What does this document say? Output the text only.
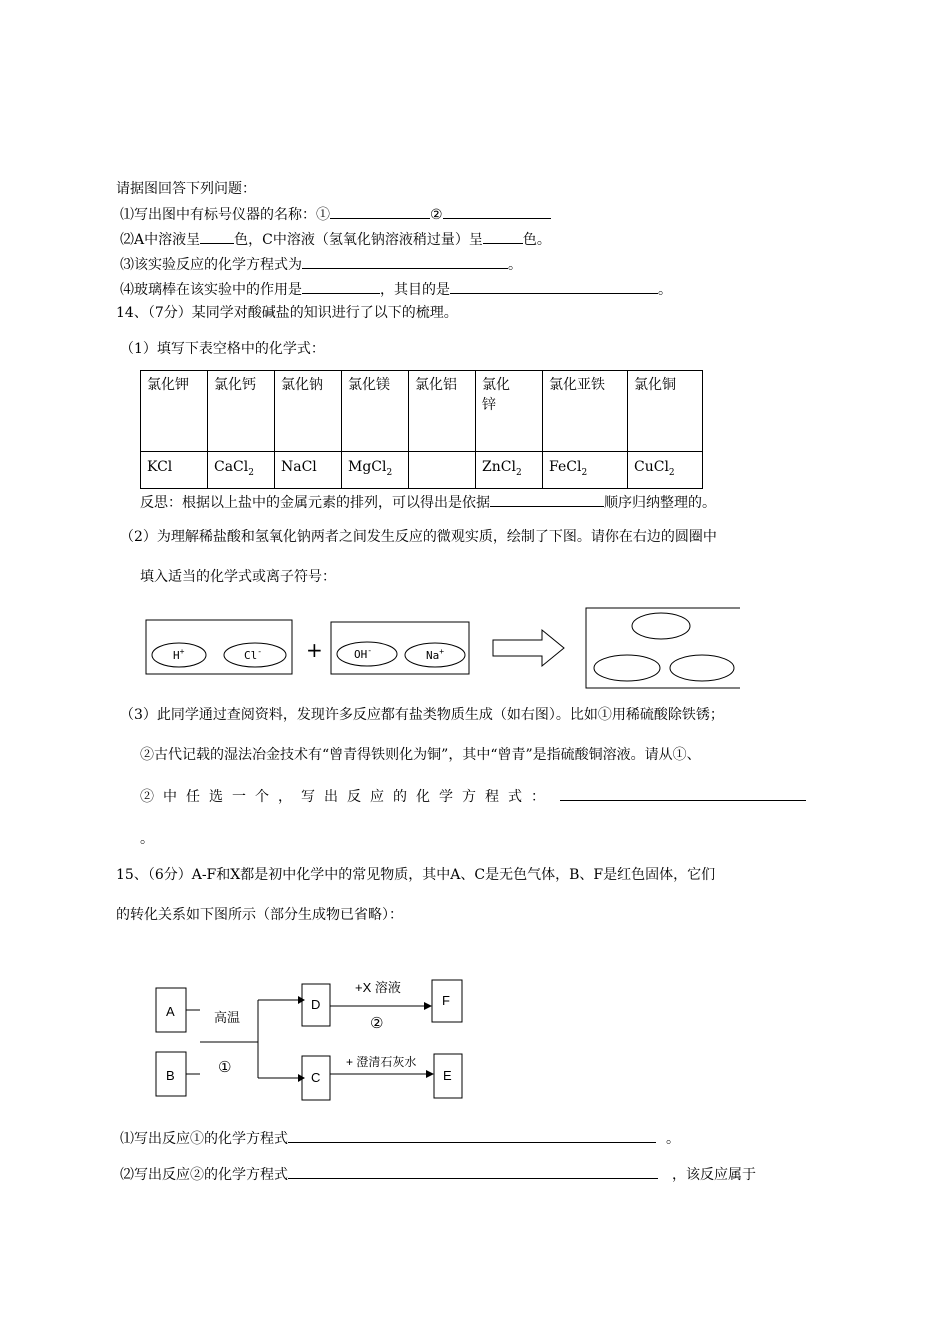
请据图回答下列问题：
⑴写出图中有标号仪器的名称：①	②
⑵A中溶液呈 色，C中溶液（氢氧化钠溶液稍过量）呈	色。
⑶该实验反应的化学方程式为	。
⑷玻璃棒在该实验中的作用是	，其目的是	。
14、（7分）某同学对酸碱盐的知识进行了以下的梳理。
（1）填写下表空格中的化学式：
氯化钾	氯化钙	氯化钠	氯化镁	氯化铝	氯化锌	氯化亚铁	氯化铜
KCl	CaCl$_2$	NaCl	MgCl$_2$		ZnCl$_2$	FeCl$_2$	CuCl$_2$
反思：根据以上盐中的金属元素的排列，可以得出是依据	顺序归纳整理的。
（2）为理解稀盐酸和氢氧化钠两者之间发生反应的微观实质，绘制了下图。请你在右边的圆圈中
填入适当的化学式或离子符号：
H+	Cl- +	OH-	Na+
（3）此同学通过查阅资料，发现许多反应都有盐类物质生成（如右图）。比如①用稀硫酸除铁锈；
②古代记载的湿法冶金技术有“曾青得铁则化为铜”，其中“曾青”是指硫酸铜溶液。请从①、
②中任选一个，写出反应的化学方程式：
。
15、（6分）A-F和X都是初中化学中的常见物质，其中A、C是无色气体，B、F是红色固体，它们
的转化关系如下图所示（部分生成物已省略）：
A
B
高温
①
D
C
+X 溶液
②
+ 澄清石灰水
F
E
⑴写出反应①的化学方程式	。
⑵写出反应②的化学方程式	，该反应属于
